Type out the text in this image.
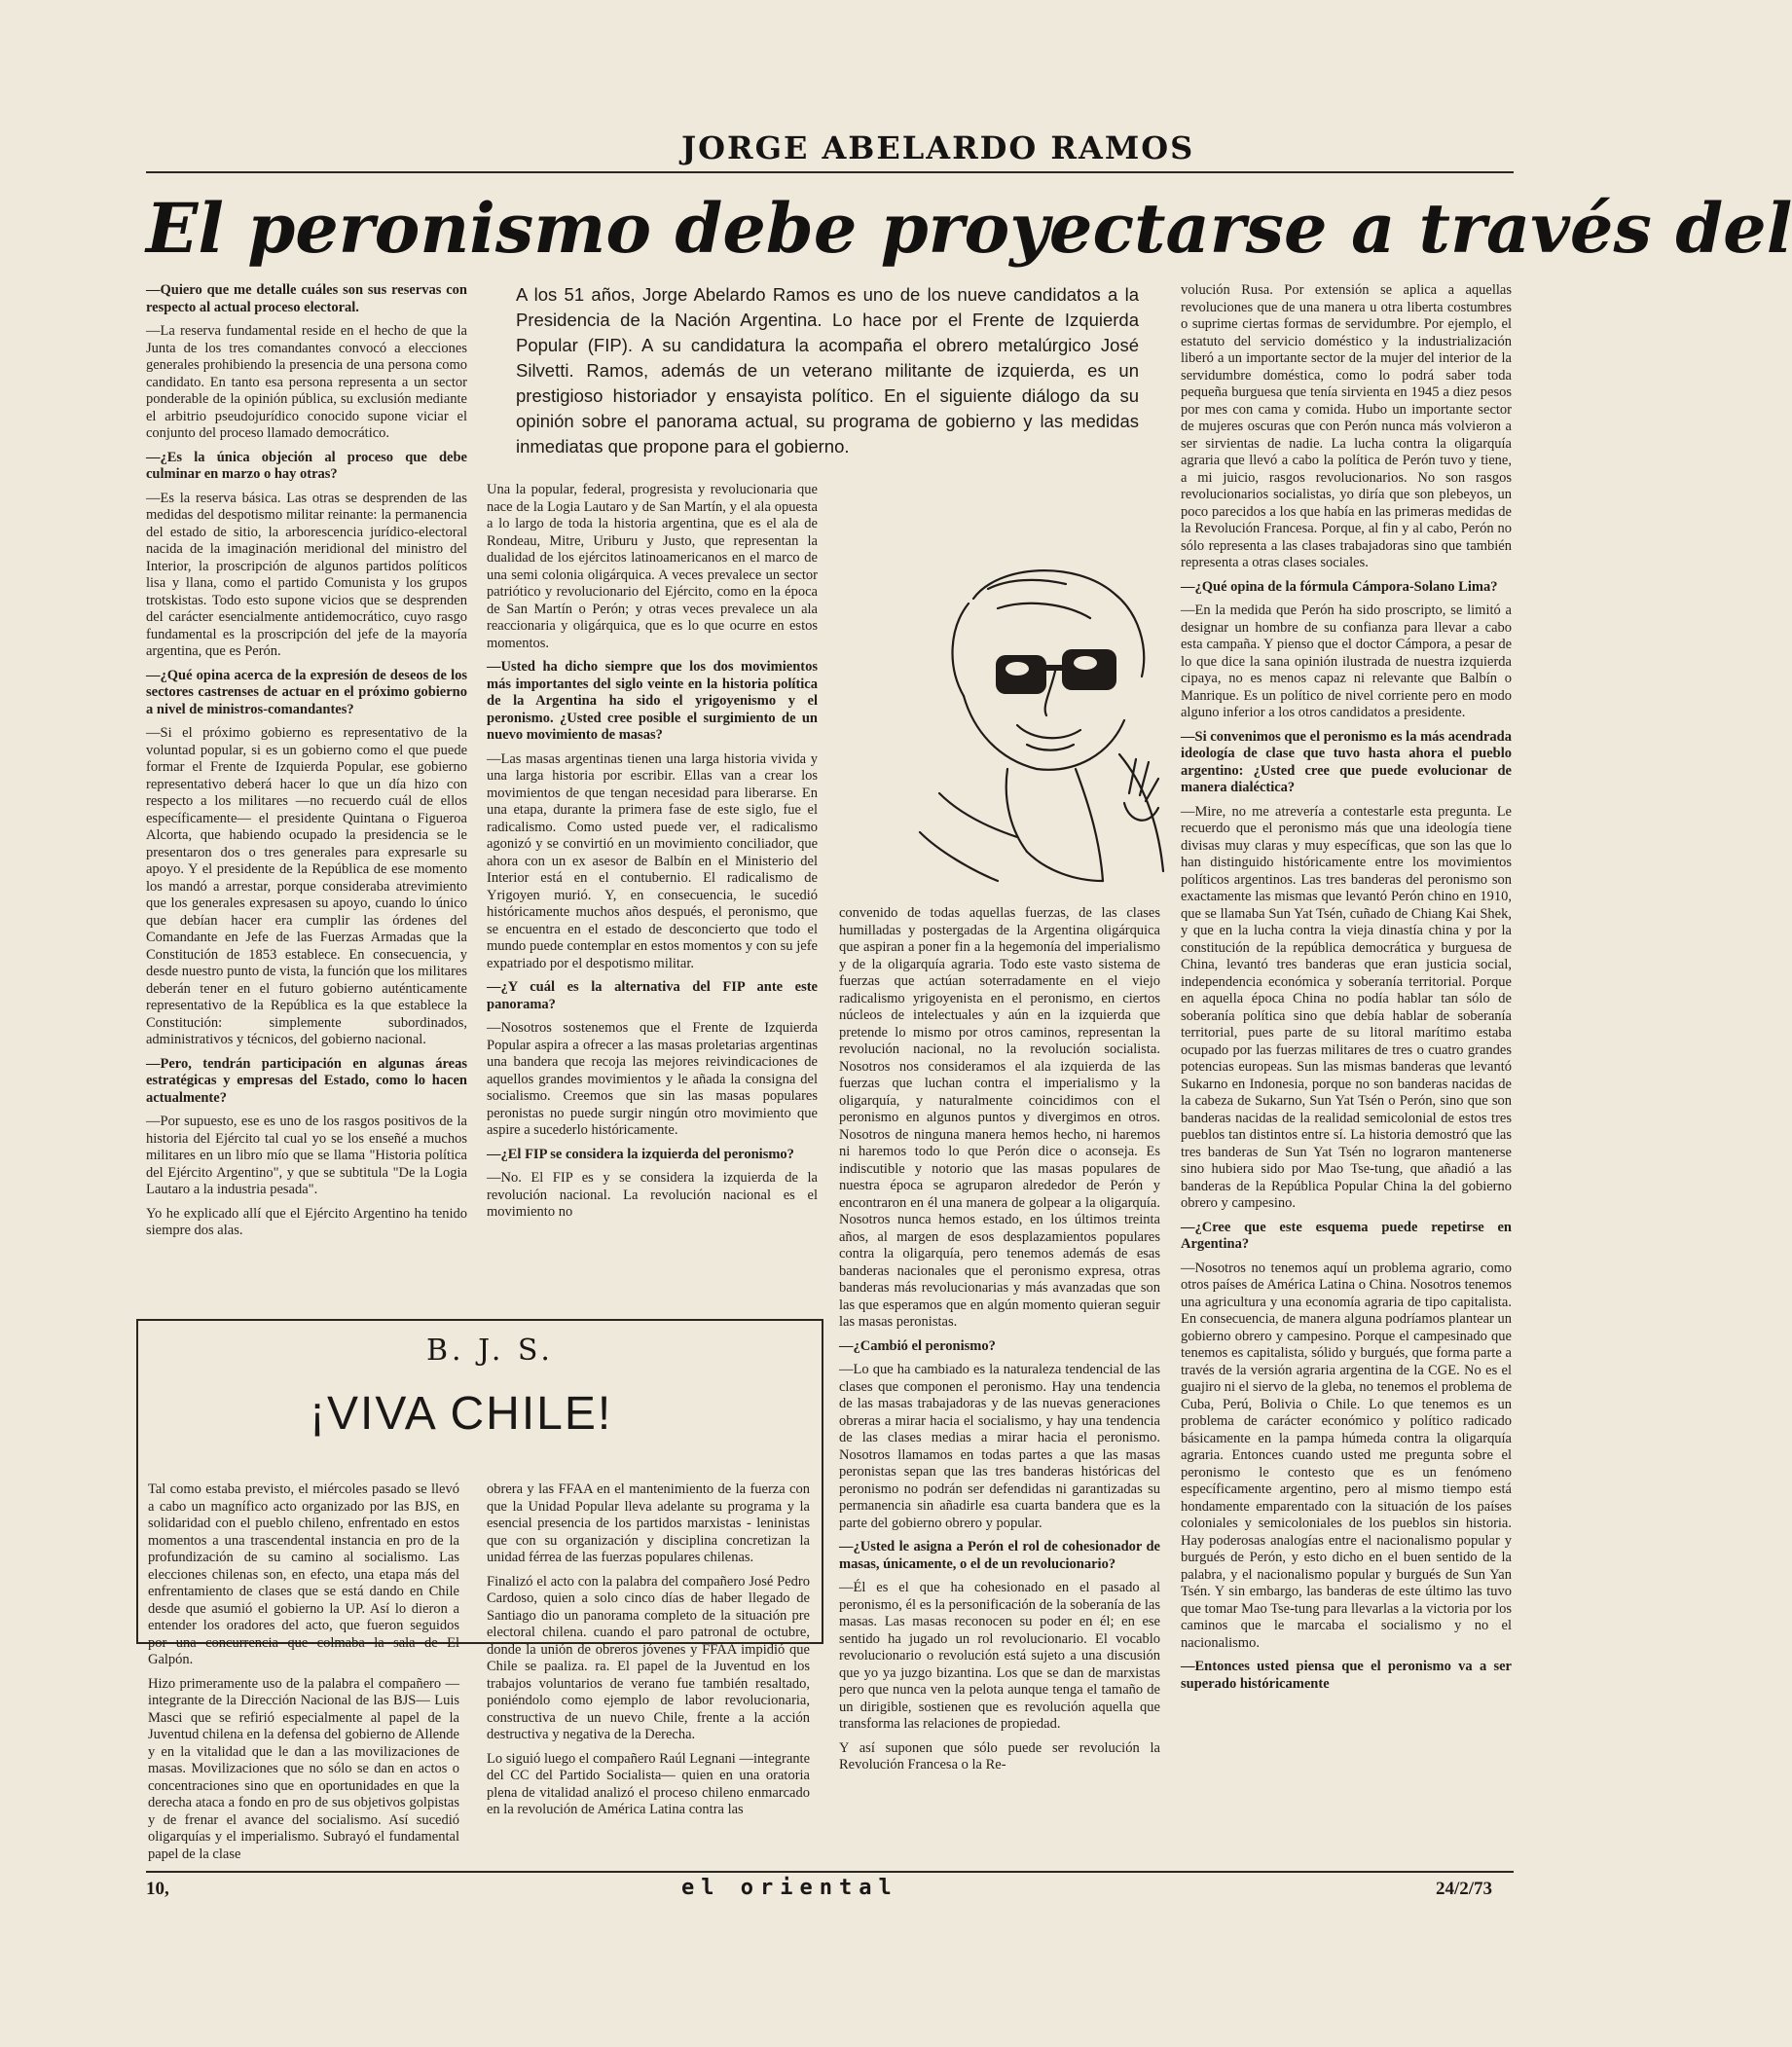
JORGE ABELARDO RAMOS
El peronismo debe proyectarse a través del

—Quiero que me detalle cuáles son sus reservas con respecto al actual proceso electoral.

—La reserva fundamental reside en el hecho de que la Junta de los tres comandantes convocó a elecciones generales prohibiendo la presencia de una persona como candidato. En tanto esa persona representa a un sector ponderable de la opinión pública, su exclusión mediante el arbitrio pseudojurídico conocido supone viciar el conjunto del proceso llamado democrático.

—¿Es la única objeción al proceso que debe culminar en marzo o hay otras?

—Es la reserva básica. Las otras se desprenden de las medidas del despotismo militar reinante: la permanencia del estado de sitio, la arborescencia jurídico-electoral nacida de la imaginación meridional del ministro del Interior, la proscripción de algunos partidos políticos lisa y llana, como el partido Comunista y los grupos trotskistas. Todo esto supone vicios que se desprenden del carácter esencialmente antidemocrático, cuyo rasgo fundamental es la proscripción del jefe de la mayoría argentina, que es Perón.

—¿Qué opina acerca de la expresión de deseos de los sectores castrenses de actuar en el próximo gobierno a nivel de ministros-comandantes?

—Si el próximo gobierno es representativo de la voluntad popular, si es un gobierno como el que puede formar el Frente de Izquierda Popular, ese gobierno representativo deberá hacer lo que un día hizo con respecto a los militares —no recuerdo cuál de ellos específicamente— el presidente Quintana o Figueroa Alcorta, que habiendo ocupado la presidencia se le presentaron dos o tres generales para expresarle su apoyo. Y el presidente de la República de ese momento los mandó a arrestar, porque consideraba atrevimiento que los generales expresasen su apoyo, cuando lo único que debían hacer era cumplir las órdenes del Comandante en Jefe de las Fuerzas Armadas que la Constitución de 1853 establece. En consecuencia, y desde nuestro punto de vista, la función que los militares deberán tener en el futuro gobierno auténticamente representativo de la República es la que establece la Constitución: simplemente subordinados, administrativos y técnicos, del gobierno nacional.

—Pero, tendrán participación en algunas áreas estratégicas y empresas del Estado, como lo hacen actualmente?

—Por supuesto, ese es uno de los rasgos positivos de la historia del Ejército tal cual yo se los enseñé a muchos militares en un libro mío que se llama "Historia política del Ejército Argentino", y que se subtitula "De la Logia Lautaro a la industria pesada".

Yo he explicado allí que el Ejército Argentino ha tenido siempre dos alas.

A los 51 años, Jorge Abelardo Ramos es uno de los nueve candidatos a la Presidencia de la Nación Argentina. Lo hace por el Frente de Izquierda Popular (FIP). A su candidatura la acompaña el obrero metalúrgico José Silvetti. Ramos, además de un veterano militante de izquierda, es un prestigioso historiador y ensayista político. En el siguiente diálogo da su opinión sobre el panorama actual, su programa de gobierno y las medidas inmediatas que propone para el gobierno.

Una la popular, federal, progresista y revolucionaria que nace de la Logia Lautaro y de San Martín, y el ala opuesta a lo largo de toda la historia argentina, que es el ala de Rondeau, Mitre, Uriburu y Justo, que representan la dualidad de los ejércitos latinoamericanos en el marco de una semi colonia oligárquica. A veces prevalece un sector patriótico y revolucionario del Ejército, como en la época de San Martín o Perón; y otras veces prevalece un ala reaccionaria y oligárquica, que es lo que ocurre en estos momentos.

—Usted ha dicho siempre que los dos movimientos más importantes del siglo veinte en la historia política de la Argentina ha sido el yrigoyenismo y el peronismo. ¿Usted cree posible el surgimiento de un nuevo movimiento de masas?

—Las masas argentinas tienen una larga historia vivida y una larga historia por escribir. Ellas van a crear los movimientos de que tengan necesidad para liberarse. En una etapa, durante la primera fase de este siglo, fue el radicalismo. Como usted puede ver, el radicalismo agonizó y se convirtió en un movimiento conciliador, que ahora con un ex asesor de Balbín en el Ministerio del Interior está en el contubernio. El radicalismo de Yrigoyen murió. Y, en consecuencia, le sucedió históricamente muchos años después, el peronismo, que se encuentra en el estado de desconcierto que todo el mundo puede contemplar en estos momentos y con su jefe expatriado por el despotismo militar.

—¿Y cuál es la alternativa del FIP ante este panorama?

—Nosotros sostenemos que el Frente de Izquierda Popular aspira a ofrecer a las masas proletarias argentinas una bandera que recoja las mejores reivindicaciones de aquellos grandes movimientos y le añada la consigna del socialismo. Creemos que sin las masas populares peronistas no puede surgir ningún otro movimiento que aspire a sucederlo históricamente.

—¿El FIP se considera la izquierda del peronismo?

—No. El FIP es y se considera la izquierda de la revolución nacional. La revolución nacional es el movimiento no

convenido de todas aquellas fuerzas, de las clases humilladas y postergadas de la Argentina oligárquica que aspiran a poner fin a la hegemonía del imperialismo y de la oligarquía agraria. Todo este vasto sistema de fuerzas que actúan soterradamente en el viejo radicalismo yrigoyenista en el peronismo, en ciertos núcleos de intelectuales y aún en la izquierda que pretende lo mismo por otros caminos, representan la revolución nacional, no la revolución socialista. Nosotros nos consideramos el ala izquierda de las fuerzas que luchan contra el imperialismo y la oligarquía, y naturalmente coincidimos con el peronismo en algunos puntos y divergimos en otros. Nosotros de ninguna manera hemos hecho, ni haremos ni haremos todo lo que Perón dice o aconseja. Es indiscutible y notorio que las masas populares de nuestra época se agruparon alrededor de Perón y encontraron en él una manera de golpear a la oligarquía. Nosotros nunca hemos estado, en los últimos treinta años, al margen de esos desplazamientos populares contra la oligarquía, pero tenemos además de esas banderas nacionales que el peronismo expresa, otras banderas más revolucionarias y más avanzadas que son las que esperamos que en algún momento quieran seguir las masas peronistas.

—¿Cambió el peronismo?

—Lo que ha cambiado es la naturaleza tendencial de las clases que componen el peronismo. Hay una tendencia de las masas trabajadoras y de las nuevas generaciones obreras a mirar hacia el socialismo, y hay una tendencia de las clases medias a mirar hacia el peronismo. Nosotros llamamos en todas partes a que las masas peronistas sepan que las tres banderas históricas del peronismo no podrán ser defendidas ni garantizadas su permanencia sin añadirle esa cuarta bandera que es la parte del gobierno obrero y popular.

—¿Usted le asigna a Perón el rol de cohesionador de masas, únicamente, o el de un revolucionario?

—Él es el que ha cohesionado en el pasado al peronismo, él es la personificación de la soberanía de las masas. Las masas reconocen su poder en él; en ese sentido ha jugado un rol revolucionario. El vocablo revolucionario o revolución está sujeto a una discusión que yo ya juzgo bizantina. Los que se dan de marxistas pero que nunca ven la pelota aunque tenga el tamaño de un dirigible, sostienen que es revolución aquella que transforma las relaciones de propiedad.

Y así suponen que sólo puede ser revolución la Revolución Francesa o la Re-

volución Rusa. Por extensión se aplica a aquellas revoluciones que de una manera u otra liberta costumbres o suprime ciertas formas de servidumbre. Por ejemplo, el estatuto del servicio doméstico y la industrialización liberó a un importante sector de la mujer del interior de la servidumbre doméstica, como lo podrá saber toda pequeña burguesa que tenía sirvienta en 1945 a diez pesos por mes con cama y comida. Hubo un importante sector de mujeres oscuras que con Perón nunca más volvieron a ser sirvientas de nadie. La lucha contra la oligarquía agraria que llevó a cabo la política de Perón tuvo y tiene, a mi juicio, rasgos revolucionarios. No son rasgos revolucionarios socialistas, yo diría que son plebeyos, un poco parecidos a los que había en las primeras medidas de la Revolución Francesa. Porque, al fin y al cabo, Perón no sólo representa a las clases trabajadoras sino que también representa a otras clases sociales.

—¿Qué opina de la fórmula Cámpora-Solano Lima?

—En la medida que Perón ha sido proscripto, se limitó a designar un hombre de su confianza para llevar a cabo esta campaña. Y pienso que el doctor Cámpora, a pesar de lo que dice la sana opinión ilustrada de nuestra izquierda cipaya, no es menos capaz ni relevante que Balbín o Manrique. Es un político de nivel corriente pero en modo alguno inferior a los otros candidatos a presidente.

—Si convenimos que el peronismo es la más acendrada ideología de clase que tuvo hasta ahora el pueblo argentino: ¿Usted cree que puede evolucionar de manera dialéctica?

—Mire, no me atrevería a contestarle esta pregunta. Le recuerdo que el peronismo más que una ideología tiene divisas muy claras y muy específicas, que son las que lo han distinguido históricamente entre los movimientos políticos argentinos. Las tres banderas del peronismo son exactamente las mismas que levantó Perón chino en 1910, que se llamaba Sun Yat Tsén, cuñado de Chiang Kai Shek, y que en la lucha contra la vieja dinastía china y por la constitución de la república democrática y burguesa de China, levantó tres banderas que eran justicia social, independencia económica y soberanía territorial. Porque en aquella época China no podía hablar tan sólo de soberanía política sino que debía hablar de soberanía territorial, pues parte de su litoral marítimo estaba ocupado por las fuerzas militares de tres o cuatro grandes potencias europeas. Sun las mismas banderas que levantó Sukarno en Indonesia, porque no son banderas nacidas de la cabeza de Sukarno, Sun Yat Tsén o Perón, sino que son banderas nacidas de la realidad semicolonial de estos tres pueblos tan distintos entre sí. La historia demostró que las tres banderas de Sun Yat Tsén no lograron mantenerse sino hubiera sido por Mao Tse-tung, que añadió a las banderas de la República Popular China la del gobierno obrero y campesino.

—¿Cree que este esquema puede repetirse en Argentina?

—Nosotros no tenemos aquí un problema agrario, como otros países de América Latina o China. Nosotros tenemos una agricultura y una economía agraria de tipo capitalista. En consecuencia, de manera alguna podríamos plantear un gobierno obrero y campesino. Porque el campesinado que tenemos es capitalista, sólido y burgués, que forma parte a través de la versión agraria argentina de la CGE. No es el guajiro ni el siervo de la gleba, no tenemos el problema de Cuba, Perú, Bolivia o Chile. Lo que tenemos es un problema de carácter económico y político radicado básicamente en la pampa húmeda contra la oligarquía agraria. Entonces cuando usted me pregunta sobre el peronismo le contesto que es un fenómeno específicamente argentino, pero al mismo tiempo está hondamente emparentado con la situación de los países coloniales y semicoloniales de los pueblos sin historia. Hay poderosas analogías entre el nacionalismo popular y burgués de Perón, y esto dicho en el buen sentido de la palabra, y el nacionalismo popular y burgués de Sun Yan Tsén. Y sin embargo, las banderas de este último las tuvo que tomar Mao Tse-tung para llevarlas a la victoria por los caminos que le marcaba el socialismo y no el nacionalismo.

—Entonces usted piensa que el peronismo va a ser superado históricamente

B. J. S.
¡VIVA CHILE!

Tal como estaba previsto, el miércoles pasado se llevó a cabo un magnífico acto organizado por las BJS, en solidaridad con el pueblo chileno, enfrentado en estos momentos a una trascendental instancia en pro de la profundización de su camino al socialismo. Las elecciones chilenas son, en efecto, una etapa más del enfrentamiento de clases que se está dando en Chile desde que asumió el gobierno la UP. Así lo dieron a entender los oradores del acto, que fueron seguidos por una concurrencia que colmaba la sala de El Galpón.

Hizo primeramente uso de la palabra el compañero —integrante de la Dirección Nacional de las BJS— Luis Masci que se refirió especialmente al papel de la Juventud chilena en la defensa del gobierno de Allende y en la vitalidad que le dan a las movilizaciones de masas. Movilizaciones que no sólo se dan en actos o concentraciones sino que en oportunidades en que la derecha ataca a fondo en pro de sus objetivos golpistas y de frenar el avance del socialismo. Así sucedió oligarquías y el imperialismo. Subrayó el fundamental papel de la clase

obrera y las FFAA en el mantenimiento de la fuerza con que la Unidad Popular lleva adelante su programa y la esencial presencia de los partidos marxistas - leninistas que con su organización y disciplina concretizan la unidad férrea de las fuerzas populares chilenas.

Finalizó el acto con la palabra del compañero José Pedro Cardoso, quien a solo cinco días de haber llegado de Santiago dio un panorama completo de la situación pre electoral chilena. cuando el paro patronal de octubre, donde la unión de obreros jóvenes y FFAA impidió que Chile se paaliza. ra. El papel de la Juventud en los trabajos voluntarios de verano fue también resaltado, poniéndolo como ejemplo de labor revolucionaria, constructiva de un nuevo Chile, frente a la acción destructiva y negativa de la Derecha.

Lo siguió luego el compañero Raúl Legnani —integrante del CC del Partido Socialista— quien en una oratoria plena de vitalidad analizó el proceso chileno enmarcado en la revolución de América Latina contra las

10,	el oriental	24/2/73
